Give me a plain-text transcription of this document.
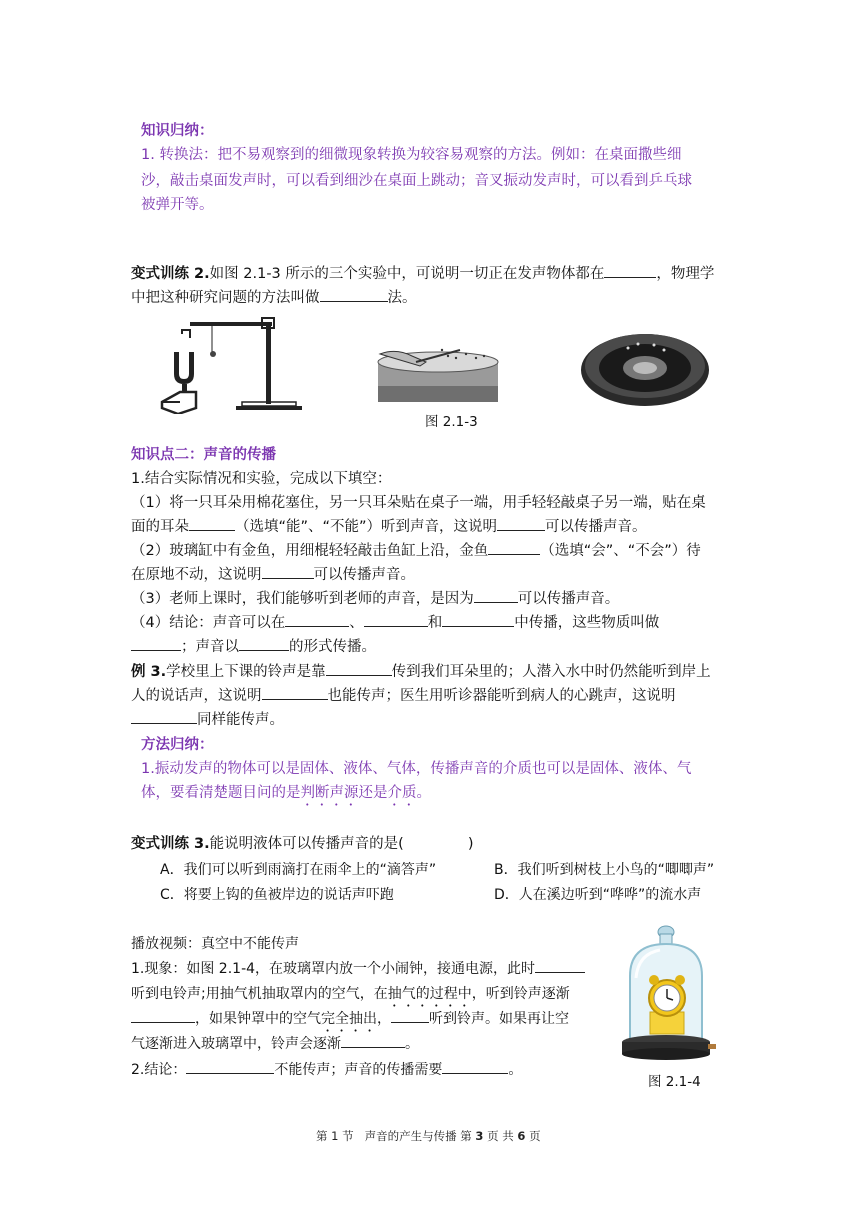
知识归纳：
1. 转换法：把不易观察到的细微现象转换为较容易观察的方法。例如：在桌面撒些细
沙，敲击桌面发声时，可以看到细沙在桌面上跳动；音叉振动发声时，可以看到乒乓球
被弹开等。
变式训练 2.如图 2.1-3 所示的三个实验中，可说明一切正在发声物体都在	，物理学
中把这种研究问题的方法叫做	法。
图 2.1-3
知识点二：声音的传播
1.结合实际情况和实验，完成以下填空：
（1）将一只耳朵用棉花塞住，另一只耳朵贴在桌子一端，用手轻轻敲桌子另一端，贴在桌
面的耳朵	（选填“能”、“不能”）听到声音，这说明	可以传播声音。
（2）玻璃缸中有金鱼，用细棍轻轻敲击鱼缸上沿，金鱼	（选填“会”、“不会”）待
在原地不动，这说明	可以传播声音。
（3）老师上课时，我们能够听到老师的声音，是因为	可以传播声音。
（4）结论：声音可以在	、	和	中传播，这些物质叫做
；声音以	的形式传播。
例 3.学校里上下课的铃声是靠	传到我们耳朵里的；人潜入水中时仍然能听到岸上
人的说话声，这说明	也能传声；医生用听诊器能听到病人的心跳声，这说明
同样能传声。
方法归纳：
1.振动发声的物体可以是固体、液体、气体，传播声音的介质也可以是固体、液体、气
体，要看清楚题目问的是判断声源还是介质。
变式训练 3.能说明液体可以传播声音的是(	)
A．我们可以听到雨滴打在雨伞上的“滴答声”	B．我们听到树枝上小鸟的“唧唧声”
C．将要上钩的鱼被岸边的说话声吓跑	D．人在溪边听到“哗哗”的流水声
播放视频：真空中不能传声
1.现象：如图 2.1-4，在玻璃罩内放一个小闹钟，接通电源，此时
听到电铃声;用抽气机抽取罩内的空气，在抽气的过程中，听到铃声逐渐
，如果钟罩中的空气完全抽出，	听到铃声。如果再让空
气逐渐进入玻璃罩中，铃声会逐渐	。
2.结论：	不能传声；声音的传播需要	。
图 2.1-4
第 1 节 声音的产生与传播 第 3 页 共 6 页
